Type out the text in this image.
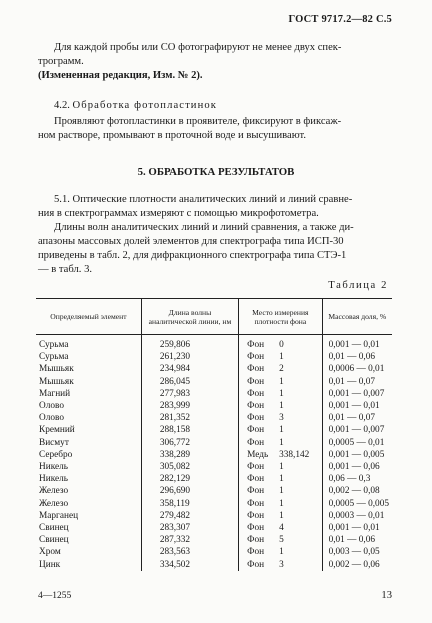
ГОСТ 9717.2—82 С.5
Для каждой пробы или СО фотографируют не менее двух спек-
трограмм.
(Измененная редакция, Изм. № 2).
4.2. Обработка фотопластинок
Проявляют фотопластинки в проявителе, фиксируют в фиксаж-
ном растворе, промывают в проточной воде и высушивают.
5. ОБРАБОТКА РЕЗУЛЬТАТОВ
5.1. Оптические плотности аналитических линий и линий сравне-
ния в спектрограммах измеряют с помощью микрофотометра.
Длины волн аналитических линий и линий сравнения, а также ди-
апазоны массовых долей элементов для спектрографа типа ИСП-30
приведены в табл. 2, для дифракционного спектрографа типа СТЭ-1
— в табл. 3.
Таблица 2
Определяемый элемент	Длина волны аналитической линии, нм	Место измерения плотности фона	Массовая доля, %

Сурьма	259,806	Фон 0	0,001 — 0,01
Сурьма	261,230	Фон 1	0,01 — 0,06
Мышьяк	234,984	Фон 2	0,0006 — 0,01
Мышьяк	286,045	Фон 1	0,01 — 0,07
Магний	277,983	Фон 1	0,001 — 0,007
Олово	283,999	Фон 1	0,001 — 0,01
Олово	281,352	Фон 3	0,01 — 0,07
Кремний	288,158	Фон 1	0,001 — 0,007
Висмут	306,772	Фон 1	0,0005 — 0,01
Серебро	338,289	Медь 338,142	0,001 — 0,005
Никель	305,082	Фон 1	0,001 — 0,06
Никель	282,129	Фон 1	0,06 — 0,3
Железо	296,690	Фон 1	0,002 — 0,08
Железо	358,119	Фон 1	0,0005 — 0,005
Марганец	279,482	Фон 1	0,0003 — 0,01
Свинец	283,307	Фон 4	0,001 — 0,01
Свинец	287,332	Фон 5	0,01 — 0,06
Хром	283,563	Фон 1	0,003 — 0,05
Цинк	334,502	Фон 3	0,002 — 0,06
4—1255	13
